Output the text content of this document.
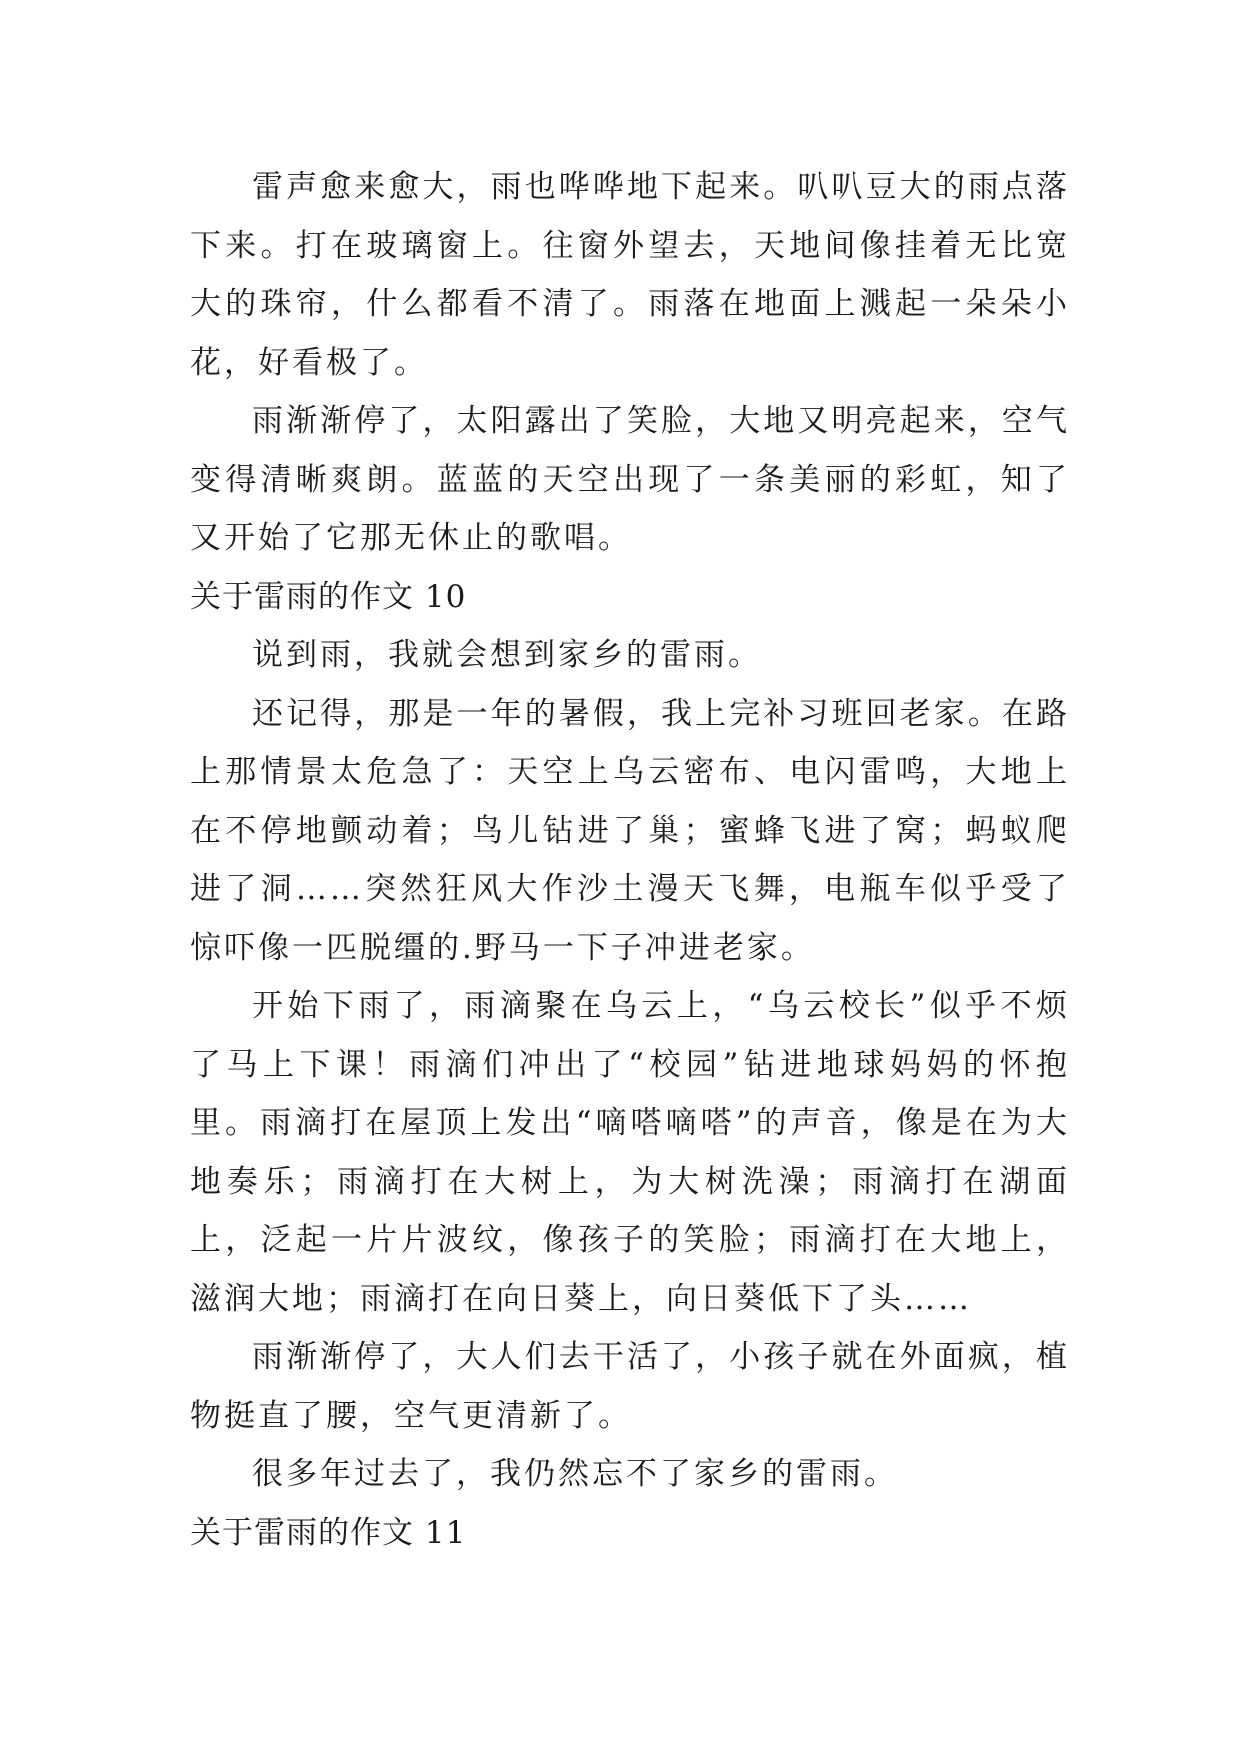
雷声愈来愈大，雨也哗哗地下起来。叭叭豆大的雨点落下来。打在玻璃窗上。往窗外望去，天地间像挂着无比宽大的珠帘，什么都看不清了。雨落在地面上溅起一朵朵小花，好看极了。

雨渐渐停了，太阳露出了笑脸，大地又明亮起来，空气变得清晰爽朗。蓝蓝的天空出现了一条美丽的彩虹，知了又开始了它那无休止的歌唱。

关于雷雨的作文 10

说到雨，我就会想到家乡的雷雨。

还记得，那是一年的暑假，我上完补习班回老家。在路上那情景太危急了：天空上乌云密布、电闪雷鸣，大地上在不停地颤动着；鸟儿钻进了巢；蜜蜂飞进了窝；蚂蚁爬进了洞……突然狂风大作沙土漫天飞舞，电瓶车似乎受了惊吓像一匹脱缰的.野马一下子冲进老家。

开始下雨了，雨滴聚在乌云上，“乌云校长”似乎不烦了马上下课！雨滴们冲出了“校园”钻进地球妈妈的怀抱里。雨滴打在屋顶上发出“嘀嗒嘀嗒”的声音，像是在为大地奏乐；雨滴打在大树上，为大树洗澡；雨滴打在湖面上，泛起一片片波纹，像孩子的笑脸；雨滴打在大地上，滋润大地；雨滴打在向日葵上，向日葵低下了头……

雨渐渐停了，大人们去干活了，小孩子就在外面疯，植物挺直了腰，空气更清新了。

很多年过去了，我仍然忘不了家乡的雷雨。

关于雷雨的作文 11
